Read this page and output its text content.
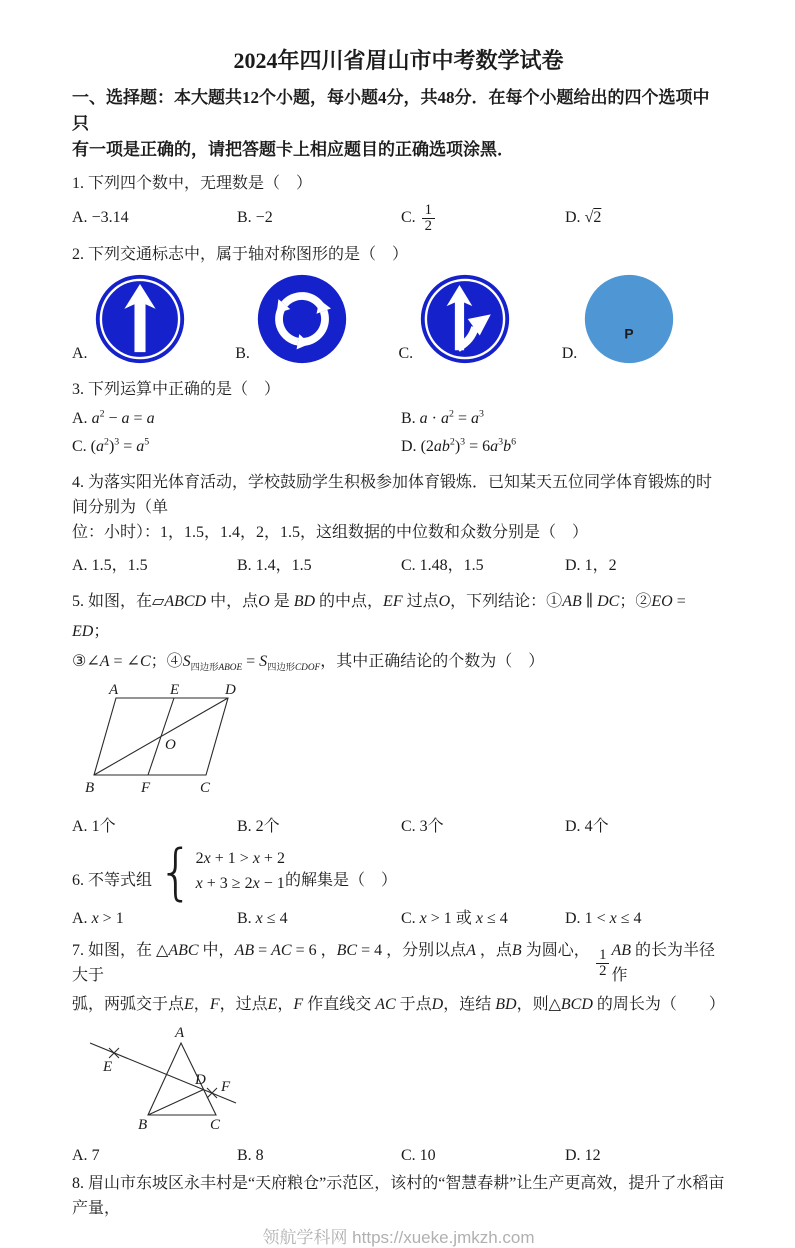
2024年四川省眉山市中考数学试卷
一、选择题：本大题共12个小题，每小题4分，共48分．在每个小题给出的四个选项中只
有一项是正确的，请把答题卡上相应题目的正确选项涂黑．
1. 下列四个数中，无理数是（　）
A. −3.14	B. −2	C. $\frac{1}{2}$	D. √2
2. 下列交通标志中，属于轴对称图形的是（　）
A.	B.	C.	D.
P
3. 下列运算中正确的是（　）
A. $a^2 - a = a$	B. $a \cdot a^2 = a^3$
C. $(a^2)^3 = a^5$	D. $(2ab^2)^3 = 6a^3b^6$
4. 为落实阳光体育活动，学校鼓励学生积极参加体育锻炼．已知某天五位同学体育锻炼的时间分别为（单
位：小时）：1，1.5，1.4，2，1.5，这组数据的中位数和众数分别是（　）
A. 1.5，1.5	B. 1.4，1.5	C. 1.48，1.5	D. 1，2
5. 如图，在▱ABCD 中，点O 是 BD 的中点，EF 过点O，下列结论：①AB ∥ DC；②EO = ED；
③∠A = ∠C；$④S_{四边形ABOE} = S_{四边形CDOF}$，其中正确结论的个数为（　）
A	E	D
B	F	C
O
A. 1个	B. 2个	C. 3个	D. 4个
6. 不等式组 { 2x + 1 > x + 2
x + 3 ≥ 2x − 1 的解集是（　）
A. x > 1	B. x ≤ 4	C. x > 1 或 x ≤ 4	D. 1 < x ≤ 4
7. 如图，在 △ABC 中，AB = AC = 6 ，BC = 4 ，分别以点A ，点B 为圆心，大于	$\frac{1}{2}$ AB 的长为半径作
弧，两弧交于点E，F，过点E，F 作直线交 AC 于点D，连结 BD，则△BCD 的周长为（　　）
A
E
D F
B	C
A. 7	B. 8	C. 10	D. 12
8. 眉山市东坡区永丰村是“天府粮仓”示范区，该村的“智慧春耕”让生产更高效，提升了水稻亩产量，
领航学科网 https://xueke.jmkzh.com
